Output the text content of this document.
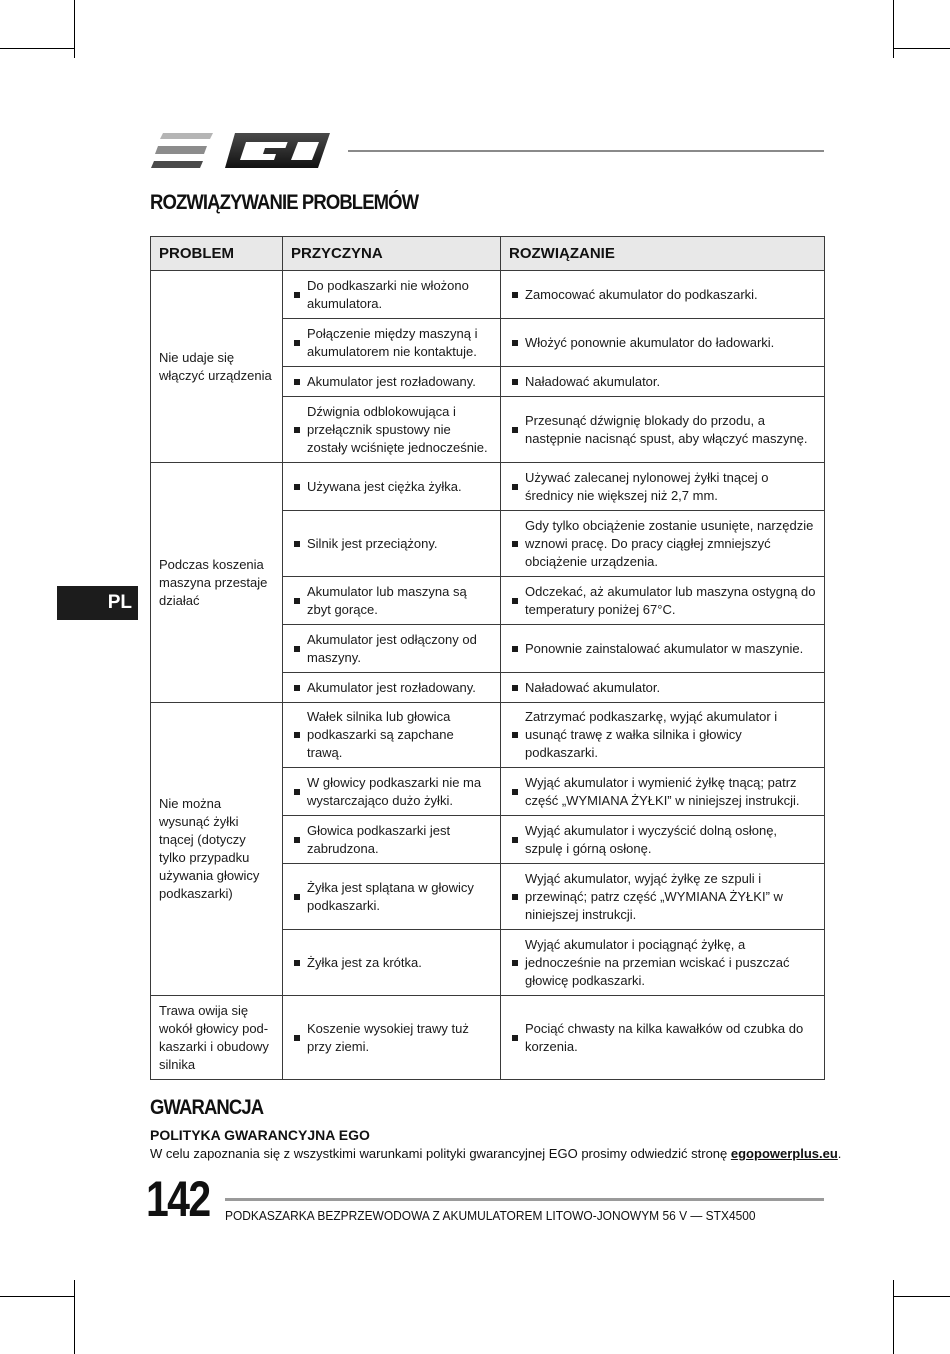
ROZWIĄZYWANIE PROBLEMÓW
PL
PROBLEM	PRZYCZYNA	ROZWIĄZANIE
Nie udaje się włączyć urządzenia	Do podkaszarki nie włożono akumulatora.	Zamocować akumulator do podkaszarki.
	Połączenie między maszyną i akumulatorem nie kontaktuje.	Włożyć ponownie akumulator do ładowarki.
	Akumulator jest rozładowany.	Naładować akumulator.
	Dźwignia odblokowująca i przełącznik spustowy nie zostały wciśnięte jednocześnie.	Przesunąć dźwignię blokady do przodu, a następnie nacisnąć spust, aby włączyć maszynę.
Podczas koszenia maszyna przestaje działać	Używana jest ciężka żyłka.	Używać zalecanej nylonowej żyłki tnącej o średnicy nie większej niż 2,7 mm.
	Silnik jest przeciążony.	Gdy tylko obciążenie zostanie usunięte, narzędzie wznowi pracę. Do pracy ciągłej zmniejszyć obciążenie urządzenia.
	Akumulator lub maszyna są zbyt gorące.	Odczekać, aż akumulator lub maszyna ostygną do temperatury poniżej 67°C.
	Akumulator jest odłączony od maszyny.	Ponownie zainstalować akumulator w maszynie.
	Akumulator jest rozładowany.	Naładować akumulator.
Nie można wysunąć żyłki tnącej (dotyczy tylko przypadku używania głowicy podkaszarki)	Wałek silnika lub głowica podkaszarki są zapchane trawą.	Zatrzymać podkaszarkę, wyjąć akumulator i usunąć trawę z wałka silnika i głowicy podkaszarki.
	W głowicy podkaszarki nie ma wystarczająco dużo żyłki.	Wyjąć akumulator i wymienić żyłkę tnącą; patrz część „WYMIANA ŻYŁKI” w niniejszej instrukcji.
	Głowica podkaszarki jest zabrudzona.	Wyjąć akumulator i wyczyścić dolną osłonę, szpulę i górną osłonę.
	Żyłka jest splątana w głowicy podkaszarki.	Wyjąć akumulator, wyjąć żyłkę ze szpuli i przewinąć; patrz część „WYMIANA ŻYŁKI” w niniejszej instrukcji.
	Żyłka jest za krótka.	Wyjąć akumulator i pociągnąć żyłkę, a jednocześnie na przemian wciskać i puszczać głowicę podkaszarki.
Trawa owija się wokół głowicy pod-kaszarki i obudowy silnika	Koszenie wysokiej trawy tuż przy ziemi.	Pociąć chwasty na kilka kawałków od czubka do korzenia.
GWARANCJA
POLITYKA GWARANCYJNA EGO

W celu zapoznania się z wszystkimi warunkami polityki gwarancyjnej EGO prosimy odwiedzić stronę egopowerplus.eu.

142 PODKASZARKA BEZPRZEWODOWA Z AKUMULATOREM LITOWO-JONOWYM 56 V — STX4500
